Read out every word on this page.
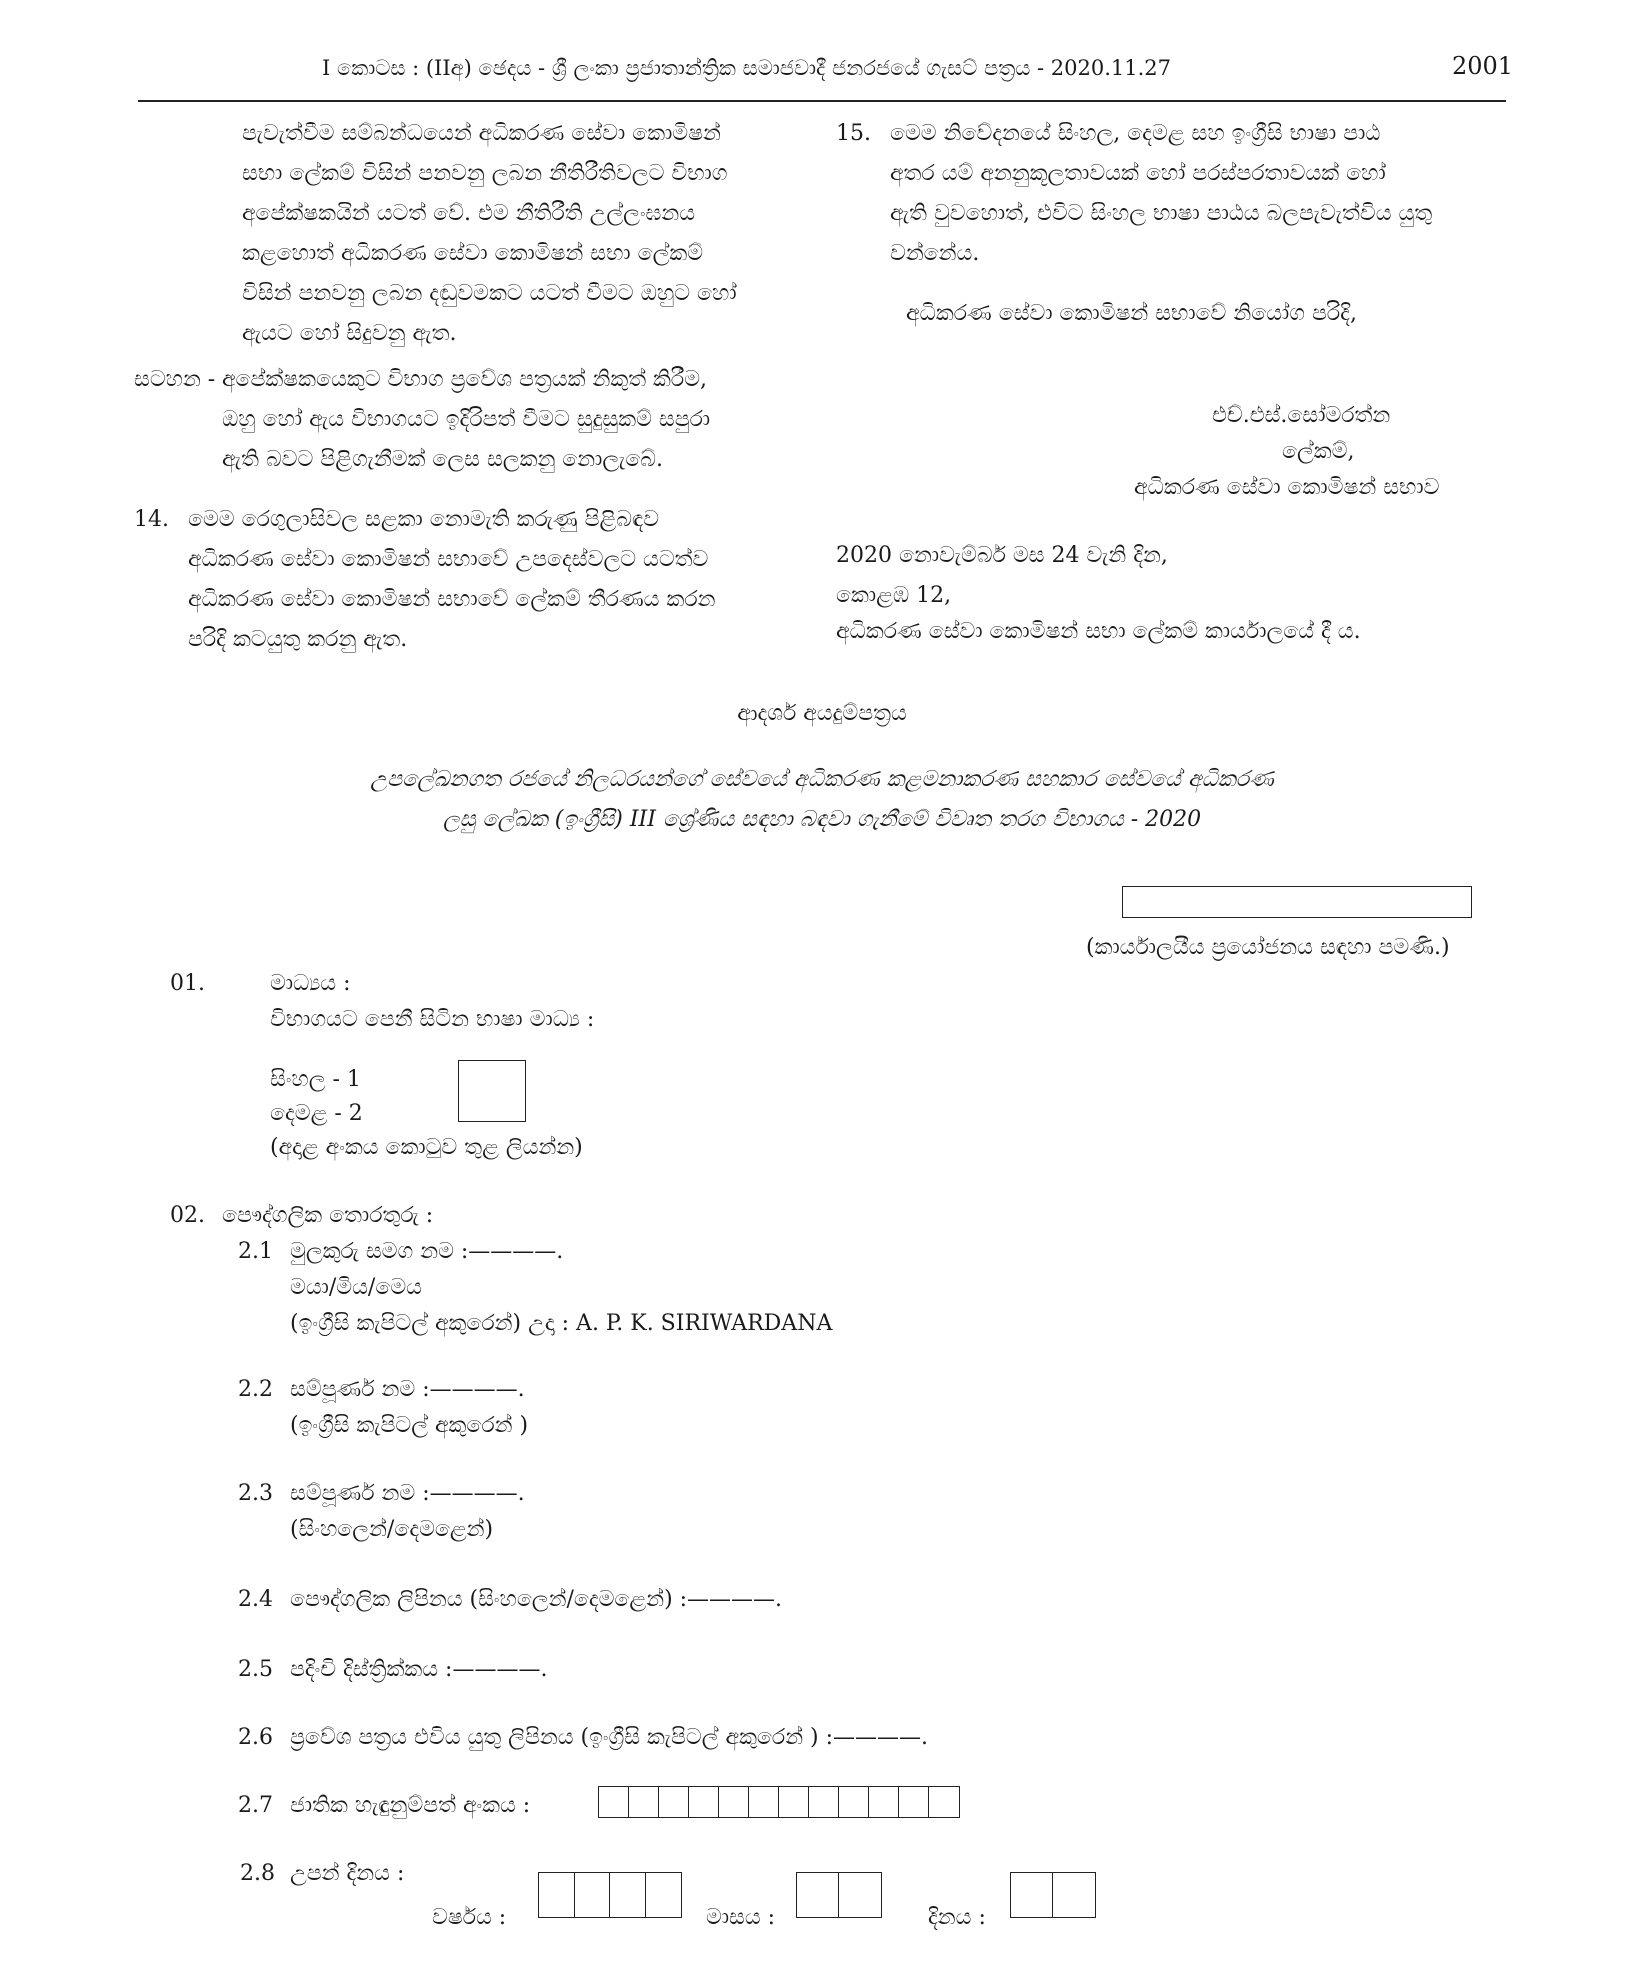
I කොටස : (IIඅ) ඡෙදය - ශ්‍රී ලංකා ප්‍රජාතාන්ත්‍රික සමාජවාදී ජනරජයේ ගැසට් පත්‍රය - 2020.11.27	2001
පැවැත්වීම සම්බන්ධයෙන් අධිකරණ සේවා කොමිෂන්
සභා ලේකම් විසින් පනවනු ලබන නීතිරීතිවලට විභාග
අපේක්ෂකයින් යටත් වේ. එම නීතිරීති උල්ලංඝනය
කළහොත් අධිකරණ සේවා කොමිෂන් සභා ලේකම්
විසින් පනවනු ලබන දඬුවමකට යටත් වීමට ඔහුට හෝ
ඇයට හෝ සිදුවනු ඇත.
සටහන - අපේක්ෂකයෙකුට විභාග ප්‍රවේශ පත්‍රයක් නිකුත් කිරීම,
ඔහු හෝ ඇය විභාගයට ඉදිරිපත් වීමට සුදුසුකම් සපුරා
ඇති බවට පිළිගැනීමක් ලෙස සලකනු නොලැබේ.
14. මෙම රෙගුලාසිවල සළකා නොමැති කරුණු පිළිබඳව
අධිකරණ සේවා කොමිෂන් සභාවේ උපදෙස්වලට යටත්ව
අධිකරණ සේවා කොමිෂන් සභාවේ ලේකම් තීරණය කරන
පරිදි කටයුතු කරනු ඇත.
15. මෙම නිවේදනයේ සිංහල, දෙමළ සහ ඉංග්‍රීසි භාෂා පාඨ
අතර යම් අනනුකූලතාවයක් හෝ පරස්පරතාවයක් හෝ
ඇති වුවහොත්, එවිට සිංහල භාෂා පාඨය බලපැවැත්විය යුතු
වන්නේය.
අධිකරණ සේවා කොමිෂන් සභාවේ නියෝග පරිදි,
එච්.එස්.සෝමරත්න
ලේකම්,
අධිකරණ සේවා කොමිෂන් සභාව
2020 නොවැම්බර් මස 24 වැනි දින,
කොළඹ 12,
අධිකරණ සේවා කොමිෂන් සභා ලේකම් කාර්යාලයේ දී ය.
ආදර්ශ අයදුම්පත්‍රය
උපලේඛනගත රජයේ නිලධරයන්ගේ සේවයේ අධිකරණ කළමනාකරණ සහකාර සේවයේ අධිකරණ
ලසු ලේඛක (ඉංග්‍රීසි) III ශ්‍රේණිය සඳහා බඳවා ගැනීමේ විවෘත තරග විභාගය - 2020
(කාර්යාලයීය ප්‍රයෝජනය සඳහා පමණි.)
01.	මාධ්‍යය :
විභාගයට පෙනී සිටින භාෂා මාධ්‍ය :
සිංහල - 1
දෙමළ - 2
(අදාළ අංකය කොටුව තුළ ලියන්න)
02. පෞද්ගලික තොරතුරු :
2.1 මුලකුරු සමග නම :————.
මයා/මිය/මෙය
(ඉංග්‍රීසි කැපිටල් අකුරෙන්) උදා : A. P. K. SIRIWARDANA
2.2 සම්පූර්ණ නම :————.
(ඉංග්‍රීසි කැපිටල් අකුරෙන් )
2.3 සම්පූර්ණ නම :————.
(සිංහලෙන්/දෙමළෙන්)
2.4 පෞද්ගලික ලිපිනය (සිංහලෙන්/දෙමළෙන්) :————.
2.5 පදිංචි දිස්ත්‍රික්කය :————.
2.6 ප්‍රවේශ පත්‍රය එවිය යුතු ලිපිනය (ඉංග්‍රීසි කැපිටල් අකුරෙන් ) :————.
2.7 ජාතික හැඳුනුම්පත් අංකය :
2.8 උපන් දිනය :
වර්ෂය :	මාසය :	දිනය :
